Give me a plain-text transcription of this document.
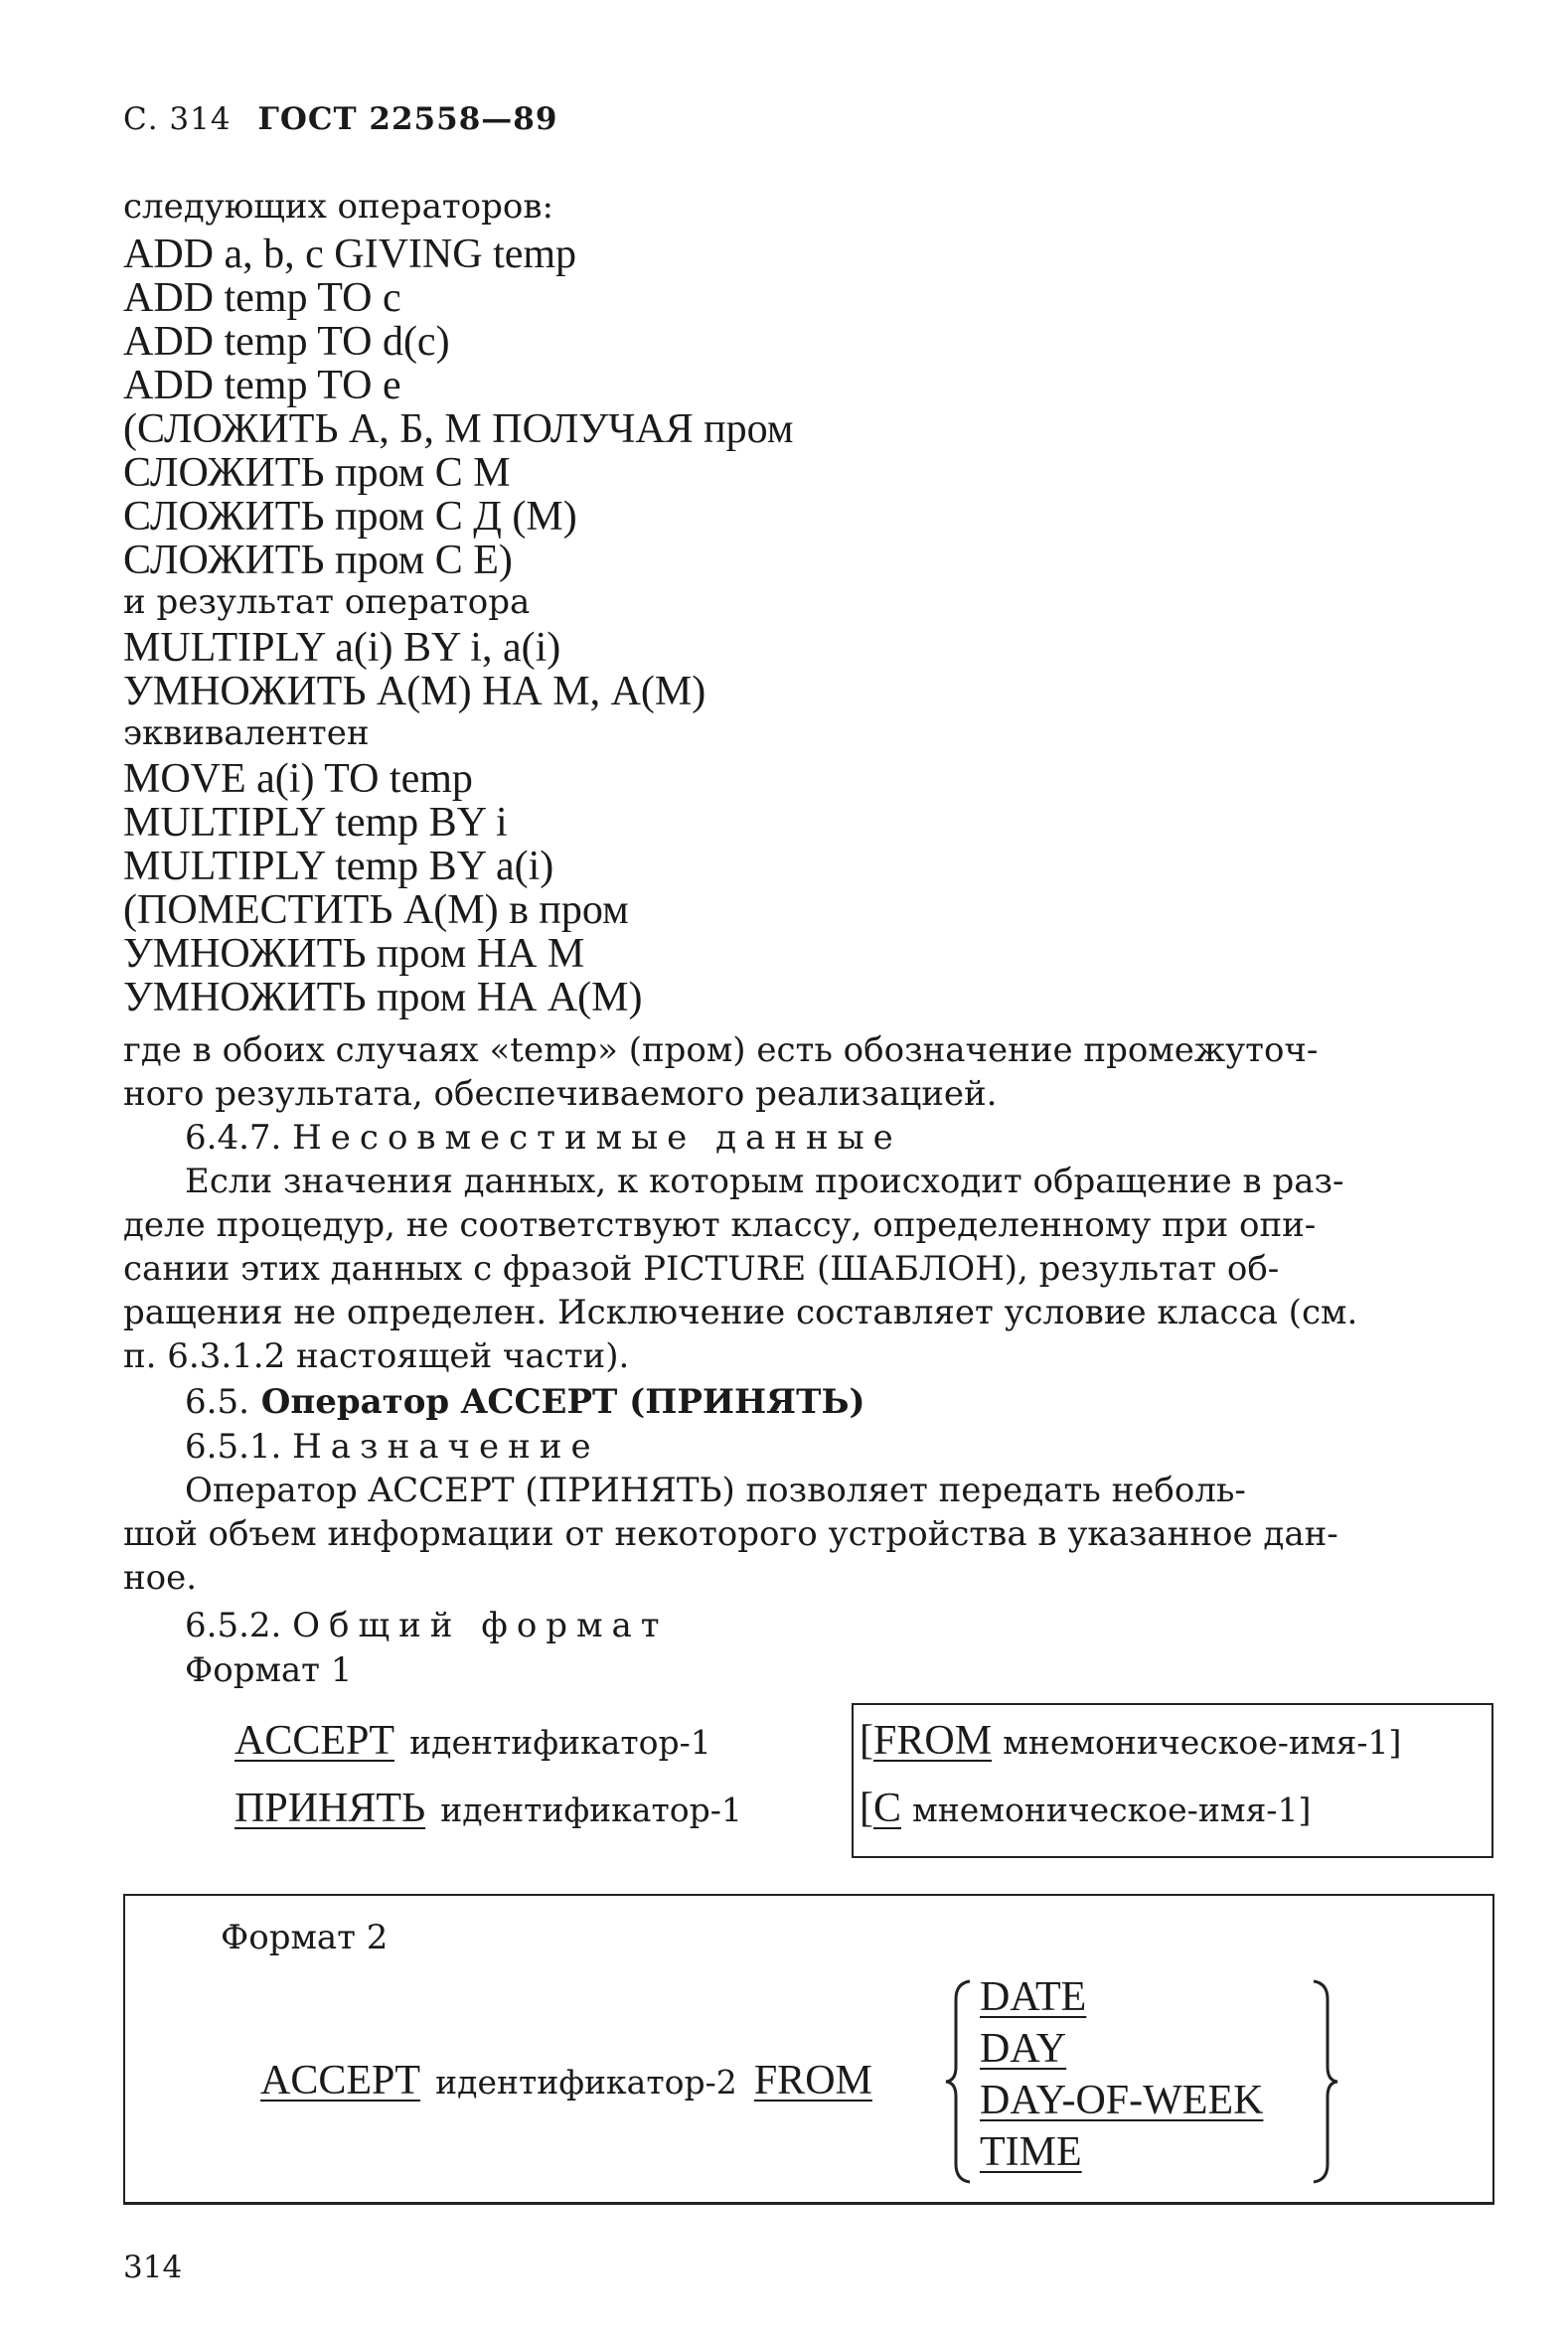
С. 314 ГОСТ 22558—89
следующих операторов:
ADD a, b, c GIVING temp
ADD temp TO c
ADD temp TO d(c)
ADD temp TO e
(СЛОЖИТЬ А, Б, М ПОЛУЧАЯ пром
СЛОЖИТЬ пром С М
СЛОЖИТЬ пром С Д (М)
СЛОЖИТЬ пром С Е)
и результат оператора
MULTIPLY a(i) BY i, a(i)
УМНОЖИТЬ А(М) НА М, А(М)
эквивалентен
MOVE a(i) TO temp
MULTIPLY temp BY i
MULTIPLY temp BY a(i)
(ПОМЕСТИТЬ А(М) в пром
УМНОЖИТЬ пром НА М
УМНОЖИТЬ пром НА А(М)
где в обоих случаях «temp» (пром) есть обозначение промежуточ-
ного результата, обеспечиваемого реализацией.
6.4.7. Несовместимые данные
Если значения данных, к которым происходит обращение в раз-
деле процедур, не соответствуют классу, определенному при опи-
сании этих данных с фразой PICTURE (ШАБЛОН), результат об-
ращения не определен. Исключение составляет условие класса (см.
п. 6.3.1.2 настоящей части).
6.5. Оператор ACCEPT (ПРИНЯТЬ)
6.5.1. Назначение
Оператор ACCEPT (ПРИНЯТЬ) позволяет передать неболь-
шой объем информации от некоторого устройства в указанное дан-
ное.
6.5.2. Общий формат
Формат 1
ACCEPT идентификатор-1	[FROM мнемоническое-имя-1]
ПРИНЯТЬ идентификатор-1	[С мнемоническое-имя-1]
Формат 2
ACCEPT идентификатор-2 FROM
DATE
DAY
DAY-OF-WEEK
TIME
314
